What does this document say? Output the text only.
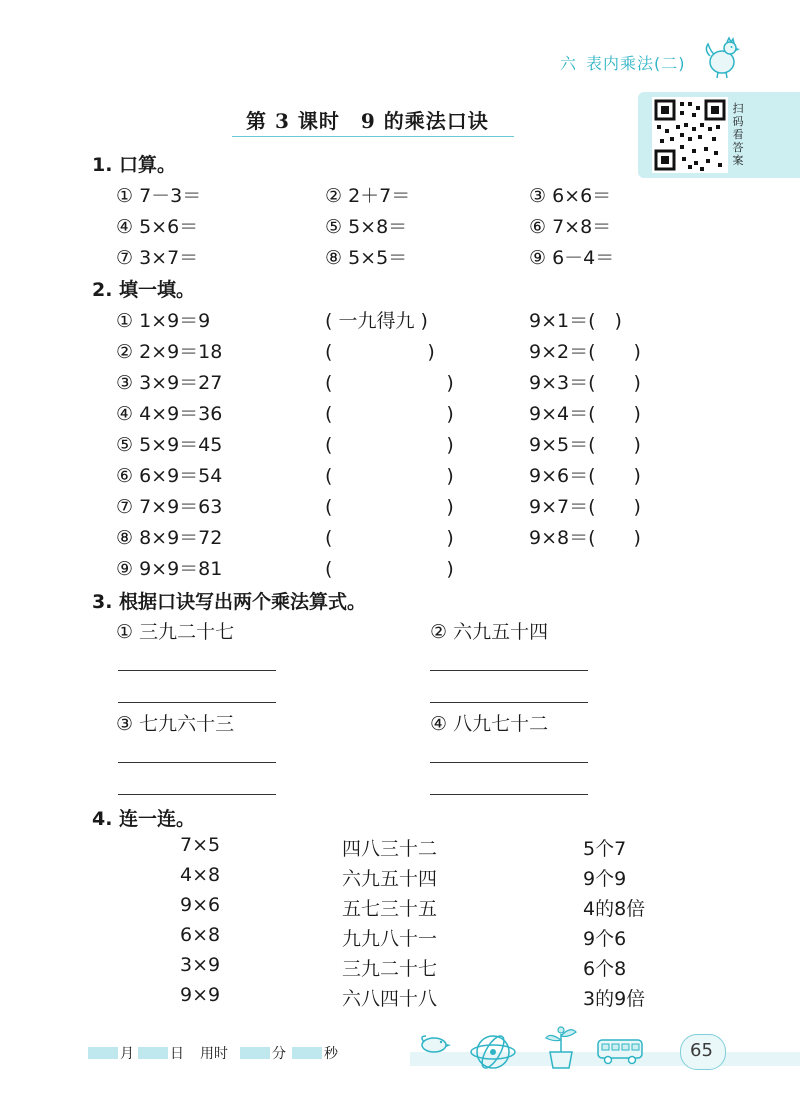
六 表内乘法(二)
第 3 课时　9 的乘法口诀
扫码看答案
1. 口算。
① 7－3＝	② 2＋7＝	③ 6×6＝
④ 5×6＝	⑤ 5×8＝	⑥ 7×8＝
⑦ 3×7＝	⑧ 5×5＝	⑨ 6－4＝
2. 填一填。
① 1×9＝9	( 一九得九 )	9×1＝(　)
② 2×9＝18	(　　　　　)	9×2＝(　　)
③ 3×9＝27	(　　　　　　)	9×3＝(　　)
④ 4×9＝36	(　　　　　　)	9×4＝(　　)
⑤ 5×9＝45	(　　　　　　)	9×5＝(　　)
⑥ 6×9＝54	(　　　　　　)	9×6＝(　　)
⑦ 7×9＝63	(　　　　　　)	9×7＝(　　)
⑧ 8×9＝72	(　　　　　　)	9×8＝(　　)
⑨ 9×9＝81	(　　　　　　)
3. 根据口诀写出两个乘法算式。
① 三九二十七	② 六九五十四
③ 七九六十三	④ 八九七十二
4. 连一连。
7×5
4×8
9×6
6×8
3×9
9×9
四八三十二
六九五十四
五七三十五
九九八十一
三九二十七
六八四十八
5个7
9个9
4的8倍
9个6
6个8
3的9倍
月	日 用时	分	秒	65
